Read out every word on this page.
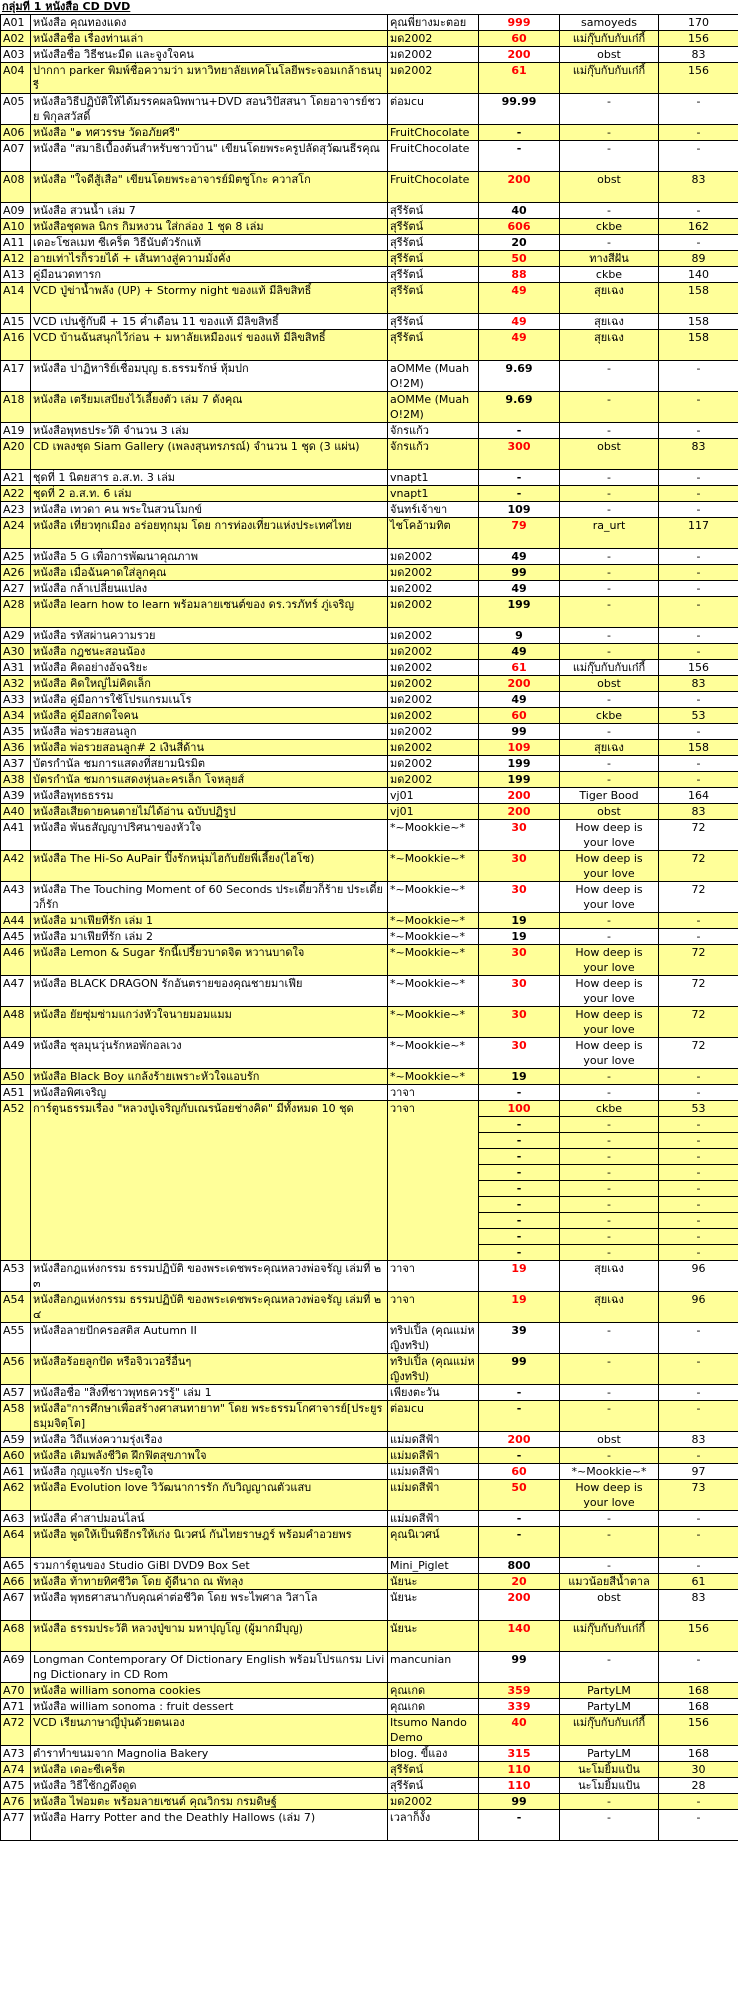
กลุ่มที่ 1 หนังสือ CD DVD
A01	หนังสือ คุณทองแดง	คุณพี่ยางมะตอย	999	samoyeds	170
A02	หนังสือชื่อ เรื่องท่านเล่า	มด2002	60	แม่กุ๊บกับกับเก๋กี้	156
A03	หนังสือชื่อ วิธีชนะมืด และจูงใจคน	มด2002	200	obst	83
A04	ปากกา parker พิมพ์ชื่อความว่า มหาวิทยาลัยเทคโนโลยีพระจอมเกล้าธนบุรี	มด2002	61	แม่กุ๊บกับกับเก๋กี้	156
A05	หนังสือวิธีปฏิบัติให้ได้มรรคผลนิพพาน+DVD สอนวิปัสสนา โดยอาจารย์ชวย พิกุลสวัสดิ์	ต่อมcu	99.99	-	-
A06	หนังสือ "๑ ทศวรรษ วัดอภัยศรี"	FruitChocolate	-	-	-
A07	หนังสือ "สมาธิเบื้องต้นสำหรับชาวบ้าน" เขียนโดยพระครูปลัดสุวัฒนธีรคุณ	FruitChocolate	-	-	-
A08	หนังสือ "ใจดีสู้เสือ" เขียนโดยพระอาจารย์มิตซูโกะ ควาสโก	FruitChocolate	200	obst	83
A09	หนังสือ สวนน้ำ เล่ม 7	สุรีรัตน์	40	-	-
A10	หนังสือชุดพล นิกร กิมหงวน ใส่กล่อง 1 ชุด 8 เล่ม	สุรีรัตน์	606	ckbe	162
A11	เดอะโซลเมท ซีเคร็ต วิธีนับตัวรักแท้	สุรีรัตน์	20	-	-
A12	อายเท่าไรก็รวยได้ + เส้นทางสู่ความมั่งคั่ง	สุรีรัตน์	50	ทางสีฝัน	89
A13	คู่มือนวดทารก	สุรีรัตน์	88	ckbe	140
A14	VCD ปู่ข่าน้ำพลัง (UP) + Stormy night ของแท้ มีลิขสิทธิ์	สุรีรัตน์	49	สุยเฉง	158
A15	VCD เปนชู้กับผี + 15 ค่ำเดือน 11 ของแท้ มีลิขสิทธิ์	สุรีรัตน์	49	สุยเฉง	158
A16	VCD บ้านฉันสนุกไว้ก่อน + มหาลัยเหมืองแร่ ของแท้ มีลิขสิทธิ์	สุรีรัตน์	49	สุยเฉง	158
A17	หนังสือ ปาฏิหาริย์เชื่อมบุญ ธ.ธรรมรักษ์ หุ้มปก	aOMMe (MuahO!2M)	9.69	-	-
A18	หนังสือ เตรียมเสบียงไว้เลี้ยงตัว เล่ม 7 ดังคุณ	aOMMe (MuahO!2M)	9.69	-	-
A19	หนังสือพุทธประวัติ จำนวน 3 เล่ม	จักรแก้ว	-	-	-
A20	CD เพลงชุด Siam Gallery (เพลงสุนทรภรณ์) จำนวน 1 ชุด (3 แผ่น)	จักรแก้ว	300	obst	83
A21	ชุดที่ 1 นิตยสาร อ.ส.ท. 3 เล่ม	vnapt1	-	-	-
A22	ชุดที่ 2 อ.ส.ท. 6 เล่ม	vnapt1	-	-	-
A23	หนังสือ เทวดา คน พระในสวนโมกข์	จันทร์เจ้าขา	109	-	-
A24	หนังสือ เที่ยวทุกเมือง อร่อยทุกมุม โดย การท่องเที่ยวแห่งประเทศไทย	ไชโคอ้ามทิต	79	ra_urt	117
A25	หนังสือ 5 G เพื่อการพัฒนาคุณภาพ	มด2002	49	-	-
A26	หนังสือ เมื่อฉันคาดใส่ลูกคุณ	มด2002	99	-	-
A27	หนังสือ กล้าเปลี่ยนแปลง	มด2002	49	-	-
A28	หนังสือ learn how to learn พร้อมลายเซนต์ของ ดร.วรภัทร์ ภู่เจริญ	มด2002	199	-	-
A29	หนังสือ รหัสผ่านความรวย	มด2002	9	-	-
A30	หนังสือ กฎชนะสอนน้อง	มด2002	49	-	-
A31	หนังสือ คิดอย่างอัจฉริยะ	มด2002	61	แม่กุ๊บกับกับเก๋กี้	156
A32	หนังสือ คิดใหญ่ไม่คิดเล็ก	มด2002	200	obst	83
A33	หนังสือ คู่มือการใช้โปรแกรมเนโร	มด2002	49	-	-
A34	หนังสือ คู่มือสกดใจคน	มด2002	60	ckbe	53
A35	หนังสือ พ่อรวยสอนลูก	มด2002	99	-	-
A36	หนังสือ พ่อรวยสอนลูก# 2 เงินสี่ด้าน	มด2002	109	สุยเฉง	158
A37	บัตรกำนัล ชมการแสดงที่สยามนิรมิต	มด2002	199	-	-
A38	บัตรกำนัล ชมการแสดงหุ่นละครเล็ก โจหลุยส์	มด2002	199	-	-
A39	หนังสือพุทธธรรม	vj01	200	Tiger Bood	164
A40	หนังสือเสียดายคนตายไม่ได้อ่าน ฉบับปฏิรูป	vj01	200	obst	83
A41	หนังสือ พันธสัญญาปริศนาของหัวใจ	*~Mookkie~*	30	How deep is your love	72
A42	หนังสือ The Hi-So AuPair ปิ๊งรักหนุ่มไฮกับยัยพี่เลี้ยง(ไฮโซ)	*~Mookkie~*	30	How deep is your love	72
A43	หนังสือ The Touching Moment of 60 Seconds ประเดี๋ยวก็ร้าย ประเดี๋ยวก็รัก	*~Mookkie~*	30	How deep is your love	72
A44	หนังสือ มาเฟียที่รัก เล่ม 1	*~Mookkie~*	19	-	-
A45	หนังสือ มาเฟียที่รัก เล่ม 2	*~Mookkie~*	19	-	-
A46	หนังสือ Lemon & Sugar รักนี้เปรี้ยวบาดจิต หวานบาดใจ	*~Mookkie~*	30	How deep is your love	72
A47	หนังสือ BLACK DRAGON รักอันตรายของคุณชายมาเฟีย	*~Mookkie~*	30	How deep is your love	72
A48	หนังสือ ยัยซุ่มซ่ามแกว่งหัวใจนายมอมแมม	*~Mookkie~*	30	How deep is your love	72
A49	หนังสือ ชุลมุนวุ่นรักหอพักอลเวง	*~Mookkie~*	30	How deep is your love	72
A50	หนังสือ Black Boy แกล้งร้ายเพราะหัวใจแอบรัก	*~Mookkie~*	19	-	-
A51	หนังสือพิศเจริญ	วาจา	-	-	-
A52	การ์ตูนธรรมเรื่อง "หลวงปู่เจริญกับเณรน้อยช่างคิด" มีทั้งหมด 10 ชุด	วาจา	100	ckbe	53
			-	-	-
			-	-	-
			-	-	-
			-	-	-
			-	-	-
			-	-	-
			-	-	-
			-	-	-
			-	-	-
A53	หนังสือกฎแห่งกรรม ธรรมปฏิบัติ ของพระเดชพระคุณหลวงพ่อจรัญ เล่มที่ ๒๓	วาจา	19	สุยเฉง	96
A54	หนังสือกฎแห่งกรรม ธรรมปฏิบัติ ของพระเดชพระคุณหลวงพ่อจรัญ เล่มที่ ๒๔	วาจา	19	สุยเฉง	96
A55	หนังสือลายปักครอสติส Autumn II	ทริปเปิ้ล (คุณแม่หญิงทริป)	39	-	-
A56	หนังสือร้อยลูกปัด หรือจิวเวอรี่อื่นๆ	ทริปเปิ้ล (คุณแม่หญิงทริป)	99	-	-
A57	หนังสือชื่อ "สิ่งที่ชาวพุทธควรรู้" เล่ม 1	เพียงตะวัน	-	-	-
A58	หนังสือ"การศึกษาเพื่อสร้างศาสนทายาท" โดย พระธรรมโกศาจารย์[ประยูร ธมฺมจิตฺโต]	ต่อมcu	-	-	-
A59	หนังสือ วิถีแห่งความรุ่งเรือง	แม่มดสีฟ้า	200	obst	83
A60	หนังสือ เติมพลังชีวิต ฝึกฟิตสุขภาพใจ	แม่มดสีฟ้า	-	-	-
A61	หนังสือ กุญแจรัก ประตูใจ	แม่มดสีฟ้า	60	*~Mookkie~*	97
A62	หนังสือ Evolution love วิวัฒนาการรัก กับวิญญาณตัวแสบ	แม่มดสีฟ้า	50	How deep is your love	73
A63	หนังสือ คำสาปมอนไลน์	แม่มดสีฟ้า	-	-	-
A64	หนังสือ พูดให้เป็นพิธีกรให้เก่ง นิเวศน์ กันไทยราษฎร์ พร้อมคำอวยพร	คุณนิเวศน์	-	-	-
A65	รวมการ์ตูนของ Studio GiBl DVD9 Box Set	Mini_Piglet	800	-	-
A66	หนังสือ ท้าทายทิศชีวิต โดย ดู้ดีนาถ ณ พัทลุง	นัยนะ	20	แมวน้อยสีน้ำตาล	61
A67	หนังสือ พุทธศาสนากับคุณค่าต่อชีวิต โดย พระไพศาล วิสาโล	นัยนะ	200	obst	83
A68	หนังสือ ธรรมประวัติ หลวงปู่ขาม มหาปุญโญ (ผู้มากมีบุญ)	นัยนะ	140	แม่กุ๊บกับกับเก๋กี้	156
A69	Longman Contemporary Of Dictionary English พร้อมโปรแกรม Living Dictionary in CD Rom	mancunian	99	-	-
A70	หนังสือ william sonoma cookies	คุณเกด	359	PartyLM	168
A71	หนังสือ william sonoma : fruit dessert	คุณเกด	339	PartyLM	168
A72	VCD เรียนภาษาญี่ปุ่นด้วยตนเอง	Itsumo Nando Demo	40	แม่กุ๊บกับกับเก๋กี้	156
A73	ตำราทำขนมจาก Magnolia Bakery	blog. ขี้แอง	315	PartyLM	168
A74	หนังสือ เดอะซีเคร็ต	สุรีรัตน์	110	นะโมยิ้มแป้น	30
A75	หนังสือ วิธีใช้กฎดึงดูด	สุรีรัตน์	110	นะโมยิ้มแป้น	28
A76	หนังสือ ไฟอมตะ พร้อมลายเซนต์ คุณวิกรม กรมดิษฐ์	มด2002	99	-	-
A77	หนังสือ Harry Potter and the Deathly Hallows (เล่ม 7)	เวลาก็งั้ง	-	-	-
